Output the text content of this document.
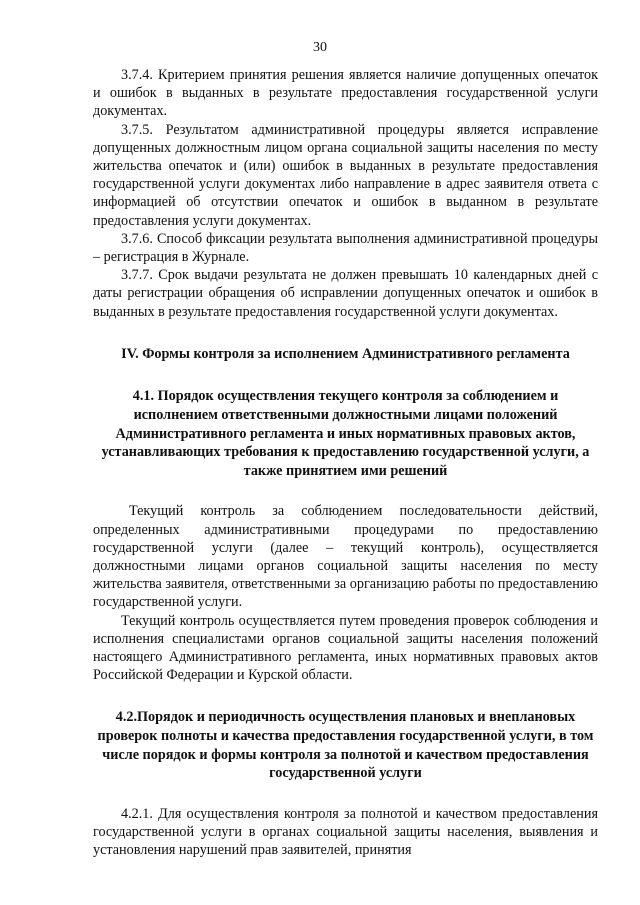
30

3.7.4. Критерием принятия решения является наличие допущенных опечаток и ошибок в выданных в результате предоставления государственной услуги документах.

3.7.5. Результатом административной процедуры является исправление допущенных должностным лицом органа социальной защиты населения по месту жительства опечаток и (или) ошибок в выданных в результате предоставления государственной услуги документах либо направление в адрес заявителя ответа с информацией об отсутствии опечаток и ошибок в выданном в результате предоставления услуги документах.

3.7.6. Способ фиксации результата выполнения административной процедуры – регистрация в Журнале.

3.7.7. Срок выдачи результата не должен превышать 10 календарных дней с даты регистрации обращения об исправлении допущенных опечаток и ошибок в выданных в результате предоставления государственной услуги документах.

IV. Формы контроля за исполнением Административного регламента
4.1. Порядок осуществления текущего контроля за соблюдением и исполнением ответственными должностными лицами положений Административного регламента и иных нормативных правовых актов, устанавливающих требования к предоставлению государственной услуги, а также принятием ими решений

Текущий контроль за соблюдением последовательности действий, определенных административными процедурами по предоставлению государственной услуги (далее – текущий контроль), осуществляется должностными лицами органов социальной защиты населения по месту жительства заявителя, ответственными за организацию работы по предоставлению государственной услуги.

Текущий контроль осуществляется путем проведения проверок соблюдения и исполнения специалистами органов социальной защиты населения положений настоящего Административного регламента, иных нормативных правовых актов Российской Федерации и Курской области.

4.2.Порядок и периодичность осуществления плановых и внеплановых проверок полноты и качества предоставления государственной услуги, в том числе порядок и формы контроля за полнотой и качеством предоставления государственной услуги

4.2.1. Для осуществления контроля за полнотой и качеством предоставления государственной услуги в органах социальной защиты населения, выявления и установления нарушений прав заявителей, принятия
